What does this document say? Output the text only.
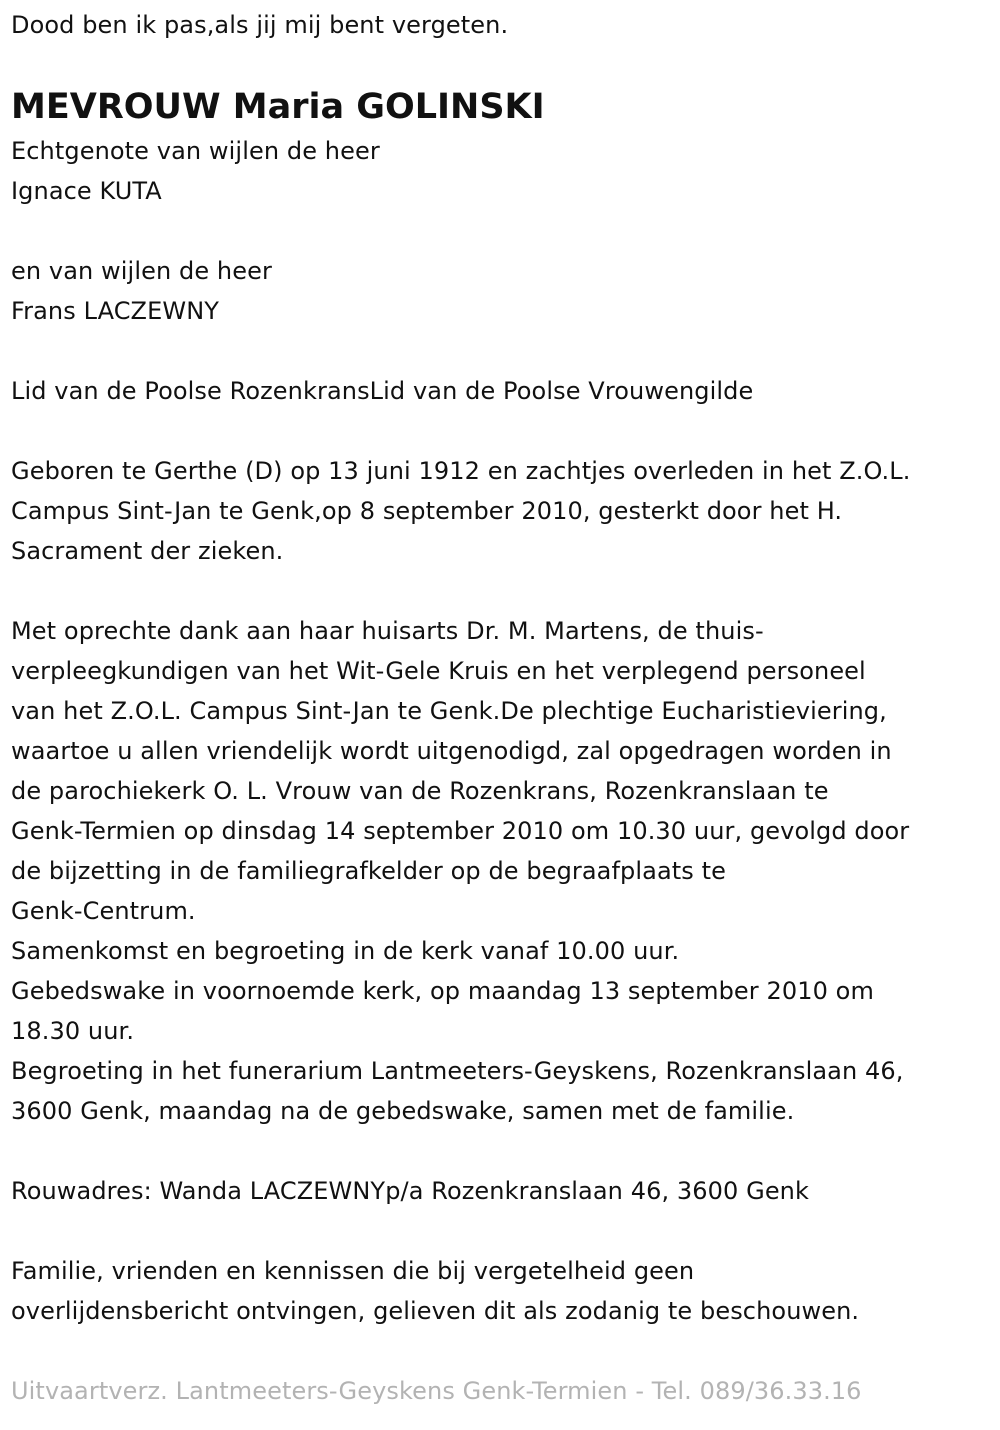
Dood ben ik pas,als jij mij bent vergeten.
MEVROUW Maria GOLINSKI
Echtgenote van wijlen de heer
Ignace KUTA
en van wijlen de heer
Frans LACZEWNY
Lid van de Poolse RozenkransLid van de Poolse Vrouwengilde
Geboren te Gerthe (D) op 13 juni 1912 en zachtjes overleden in het Z.O.L.
Campus Sint-Jan te Genk,op 8 september 2010, gesterkt door het H.
Sacrament der zieken.
Met oprechte dank aan haar huisarts Dr. M. Martens, de thuis-
verpleegkundigen van het Wit-Gele Kruis en het verplegend personeel
van het Z.O.L. Campus Sint-Jan te Genk.De plechtige Eucharistieviering,
waartoe u allen vriendelijk wordt uitgenodigd, zal opgedragen worden in
de parochiekerk O. L. Vrouw van de Rozenkrans, Rozenkranslaan te
Genk-Termien op dinsdag 14 september 2010 om 10.30 uur, gevolgd door
de bijzetting in de familiegrafkelder op de begraafplaats te
Genk-Centrum.
Samenkomst en begroeting in de kerk vanaf 10.00 uur.
Gebedswake in voornoemde kerk, op maandag 13 september 2010 om
18.30 uur.
Begroeting in het funerarium Lantmeeters-Geyskens, Rozenkranslaan 46,
3600 Genk, maandag na de gebedswake, samen met de familie.
Rouwadres: Wanda LACZEWNYp/a Rozenkranslaan 46, 3600 Genk
Familie, vrienden en kennissen die bij vergetelheid geen
overlijdensbericht ontvingen, gelieven dit als zodanig te beschouwen.
Uitvaartverz. Lantmeeters-Geyskens Genk-Termien - Tel. 089/36.33.16
